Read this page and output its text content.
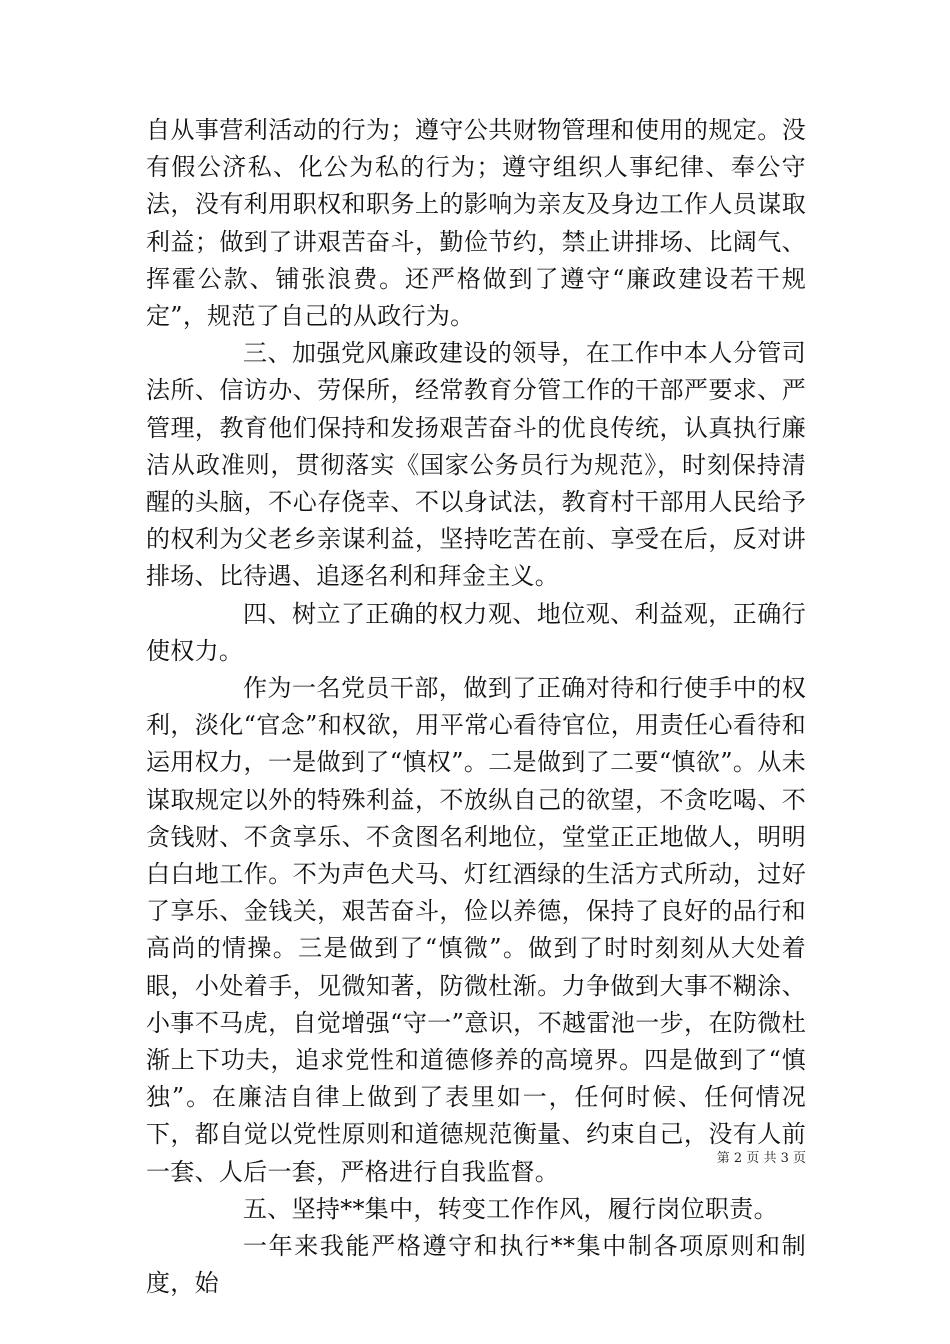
自从事营利活动的行为；遵守公共财物管理和使用的规定。没有假公济私、化公为私的行为；遵守组织人事纪律、奉公守法，没有利用职权和职务上的影响为亲友及身边工作人员谋取利益；做到了讲艰苦奋斗，勤俭节约，禁止讲排场、比阔气、挥霍公款、铺张浪费。还严格做到了遵守“廉政建设若干规定”，规范了自己的从政行为。

三、加强党风廉政建设的领导，在工作中本人分管司法所、信访办、劳保所，经常教育分管工作的干部严要求、严管理，教育他们保持和发扬艰苦奋斗的优良传统，认真执行廉洁从政准则，贯彻落实《国家公务员行为规范》，时刻保持清醒的头脑，不心存侥幸、不以身试法，教育村干部用人民给予的权利为父老乡亲谋利益，坚持吃苦在前、享受在后，反对讲排场、比待遇、追逐名利和拜金主义。

四、树立了正确的权力观、地位观、利益观，正确行使权力。

作为一名党员干部，做到了正确对待和行使手中的权利，淡化“官念”和权欲，用平常心看待官位，用责任心看待和运用权力，一是做到了“慎权”。二是做到了二要“慎欲”。从未谋取规定以外的特殊利益，不放纵自己的欲望，不贪吃喝、不贪钱财、不贪享乐、不贪图名利地位，堂堂正正地做人，明明白白地工作。不为声色犬马、灯红酒绿的生活方式所动，过好了享乐、金钱关，艰苦奋斗，俭以养德，保持了良好的品行和高尚的情操。三是做到了“慎微”。做到了时时刻刻从大处着眼，小处着手，见微知著，防微杜渐。力争做到大事不糊涂、小事不马虎，自觉增强“守一”意识，不越雷池一步，在防微杜渐上下功夫，追求党性和道德修养的高境界。四是做到了“慎独”。在廉洁自律上做到了表里如一，任何时候、任何情况下，都自觉以党性原则和道德规范衡量、约束自己，没有人前一套、人后一套，严格进行自我监督。

五、坚持**集中，转变工作作风，履行岗位职责。

一年来我能严格遵守和执行**集中制各项原则和制度，始

第 2 页 共 3 页
